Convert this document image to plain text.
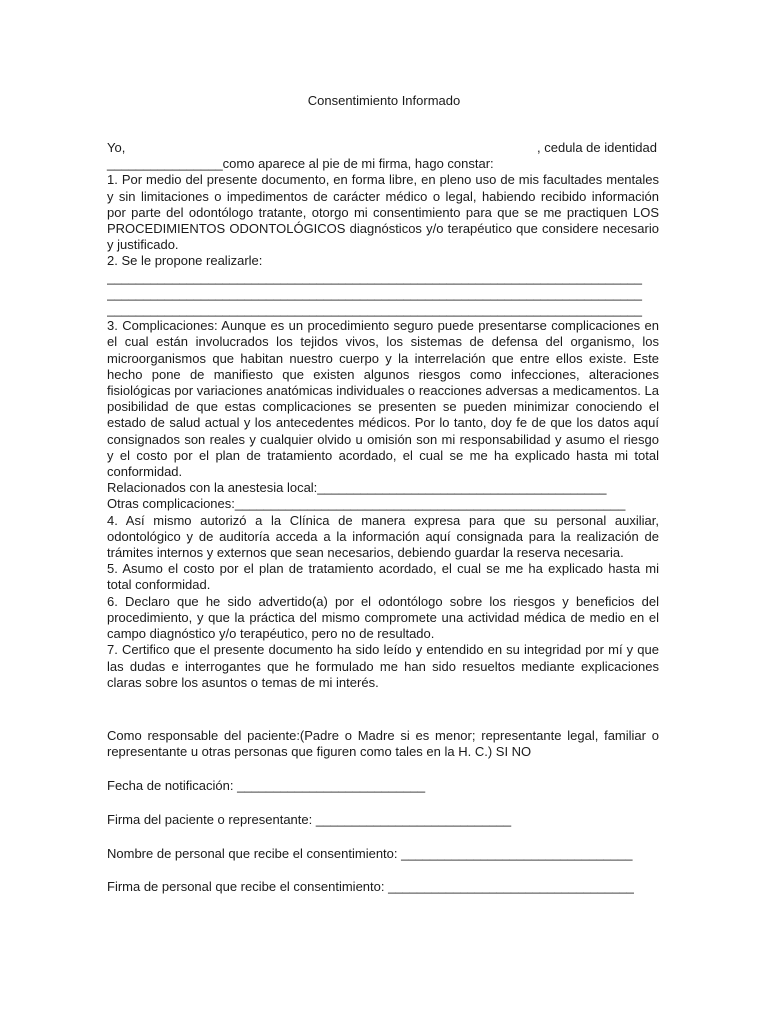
Consentimiento Informado
Yo,	, cedula de identidad

________________como aparece al pie de mi firma, hago constar:

1. Por medio del presente documento, en forma libre, en pleno uso de mis facultades mentales y sin limitaciones o impedimentos de carácter médico o legal, habiendo recibido información por parte del odontólogo tratante, otorgo mi consentimiento para que se me practiquen LOS PROCEDIMIENTOS ODONTOLÓGICOS diagnósticos y/o terapéutico que considere necesario y justificado.

2. Se le propone realizarle:

__________________________________________________________________________
__________________________________________________________________________
__________________________________________________________________________

3. Complicaciones: Aunque es un procedimiento seguro puede presentarse complicaciones en el cual están involucrados los tejidos vivos, los sistemas de defensa del organismo, los microorganismos que habitan nuestro cuerpo y la interrelación que entre ellos existe. Este hecho pone de manifiesto que existen algunos riesgos como infecciones, alteraciones fisiológicas por variaciones anatómicas individuales o reacciones adversas a medicamentos. La posibilidad de que estas complicaciones se presenten se pueden minimizar conociendo el estado de salud actual y los antecedentes médicos. Por lo tanto, doy fe de que los datos aquí consignados son reales y cualquier olvido u omisión son mi responsabilidad y asumo el riesgo y el costo por el plan de tratamiento acordado, el cual se me ha explicado hasta mi total conformidad.

Relacionados con la anestesia local:________________________________________

Otras complicaciones:______________________________________________________

4. Así mismo autorizó a la Clínica de manera expresa para que su personal auxiliar, odontológico y de auditoría acceda a la información aquí consignada para la realización de trámites internos y externos que sean necesarios, debiendo guardar la reserva necesaria.

5. Asumo el costo por el plan de tratamiento acordado, el cual se me ha explicado hasta mi total conformidad.

6. Declaro que he sido advertido(a) por el odontólogo sobre los riesgos y beneficios del procedimiento, y que la práctica del mismo compromete una actividad médica de medio en el campo diagnóstico y/o terapéutico, pero no de resultado.

7. Certifico que el presente documento ha sido leído y entendido en su integridad por mí y que las dudas e interrogantes que he formulado me han sido resueltos mediante explicaciones claras sobre los asuntos o temas de mi interés.

Como responsable del paciente:(Padre o Madre si es menor; representante legal, familiar o representante u otras personas que figuren como tales en la H. C.) SI NO

Fecha de notificación: __________________________

Firma del paciente o representante: ___________________________

Nombre de personal que recibe el consentimiento: ________________________________

Firma de personal que recibe el consentimiento: __________________________________
